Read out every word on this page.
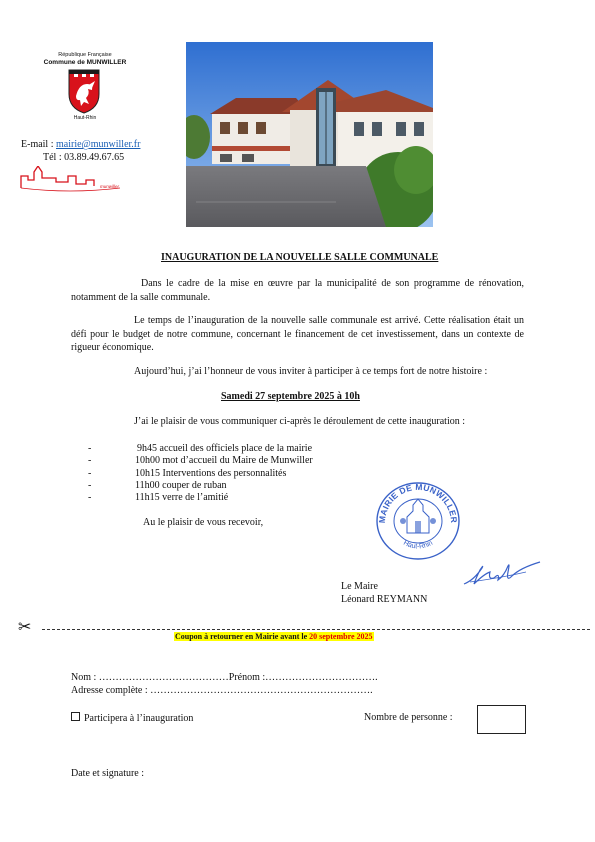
République Française
Commune de MUNWILLER
Haut-Rhin
E-mail : mairie@munwiller.fr
Tél : 03.89.49.67.65
munwiller
INAUGURATION DE LA NOUVELLE SALLE COMMUNALE
Dans le cadre de la mise en œuvre par la municipalité de son programme de rénovation, notamment de la salle communale.
Le temps de l’inauguration de la nouvelle salle communale est arrivé. Cette réalisation était un défi pour le budget de notre commune, concernant le financement de cet investissement, dans un contexte de rigueur économique.
Aujourd’hui, j’ai l’honneur de vous inviter à participer à ce temps fort de notre histoire :
Samedi 27 septembre 2025 à 10h
J’ai le plaisir de vous communiquer ci-après le déroulement de cette inauguration :
-	9h45 accueil des officiels place de la mairie
-	10h00 mot d’accueil du Maire de Munwiller
-	10h15 Interventions des personnalités
-	11h00 couper de ruban
-	11h15 verre de l’amitié
Au le plaisir de vous recevoir,	MAIRIE DE MUNWILLER
Haut-Rhin
Le Maire
Léonard REYMANN
✂
Coupon à retourner en Mairie avant le 20 septembre 2025
Nom : …………………………………Prénom :…………………………….
Adresse complète : ………………………………………………………….
Participera à l’inauguration	Nombre de personne :
Date et signature :
